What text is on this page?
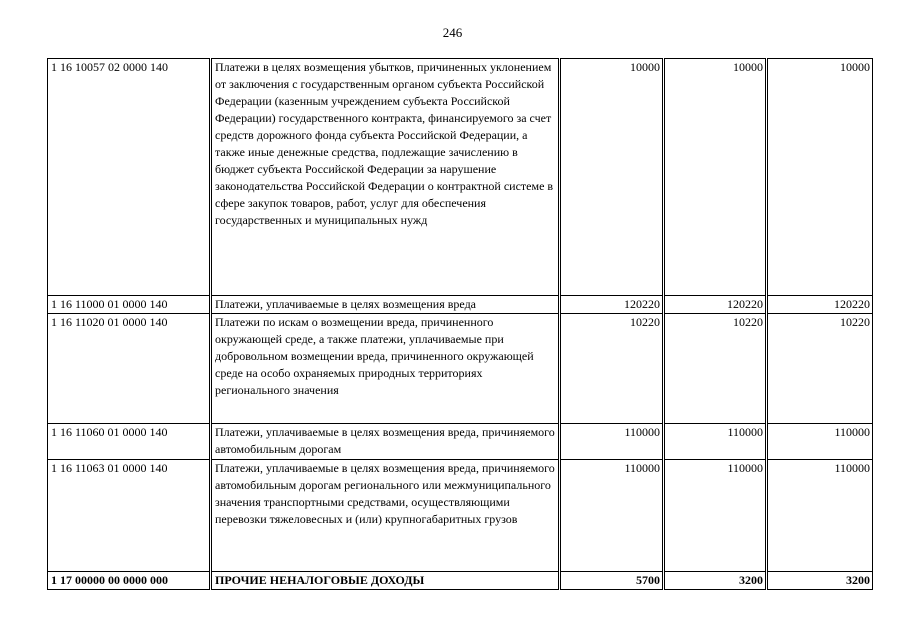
246
1 16 10057 02 0000 140	Платежи в целях возмещения убытков, причиненных уклонением от заключения с государственным органом субъекта Российской Федерации (казенным учреждением субъекта Российской Федерации) государственного контракта, финансируемого за счет средств дорожного фонда субъекта Российской Федерации, а также иные денежные средства, подлежащие зачислению в бюджет субъекта Российской Федерации за нарушение законодательства Российской Федерации о контрактной системе в сфере закупок товаров, работ, услуг для обеспечения государственных и муниципальных нужд	10000	10000	10000
1 16 11000 01 0000 140	Платежи, уплачиваемые в целях возмещения вреда	120220	120220	120220
1 16 11020 01 0000 140	Платежи по искам о возмещении вреда, причиненного окружающей среде, а также платежи, уплачиваемые при добровольном возмещении вреда, причиненного окружающей среде на особо охраняемых природных территориях регионального значения	10220	10220	10220
1 16 11060 01 0000 140	Платежи, уплачиваемые в целях возмещения вреда, причиняемого автомобильным дорогам	110000	110000	110000
1 16 11063 01 0000 140	Платежи, уплачиваемые в целях возмещения вреда, причиняемого автомобильным дорогам регионального или межмуниципального значения транспортными средствами, осуществляющими перевозки тяжеловесных и (или) крупногабаритных грузов	110000	110000	110000
1 17 00000 00 0000 000	ПРОЧИЕ НЕНАЛОГОВЫЕ ДОХОДЫ	5700	3200	3200
